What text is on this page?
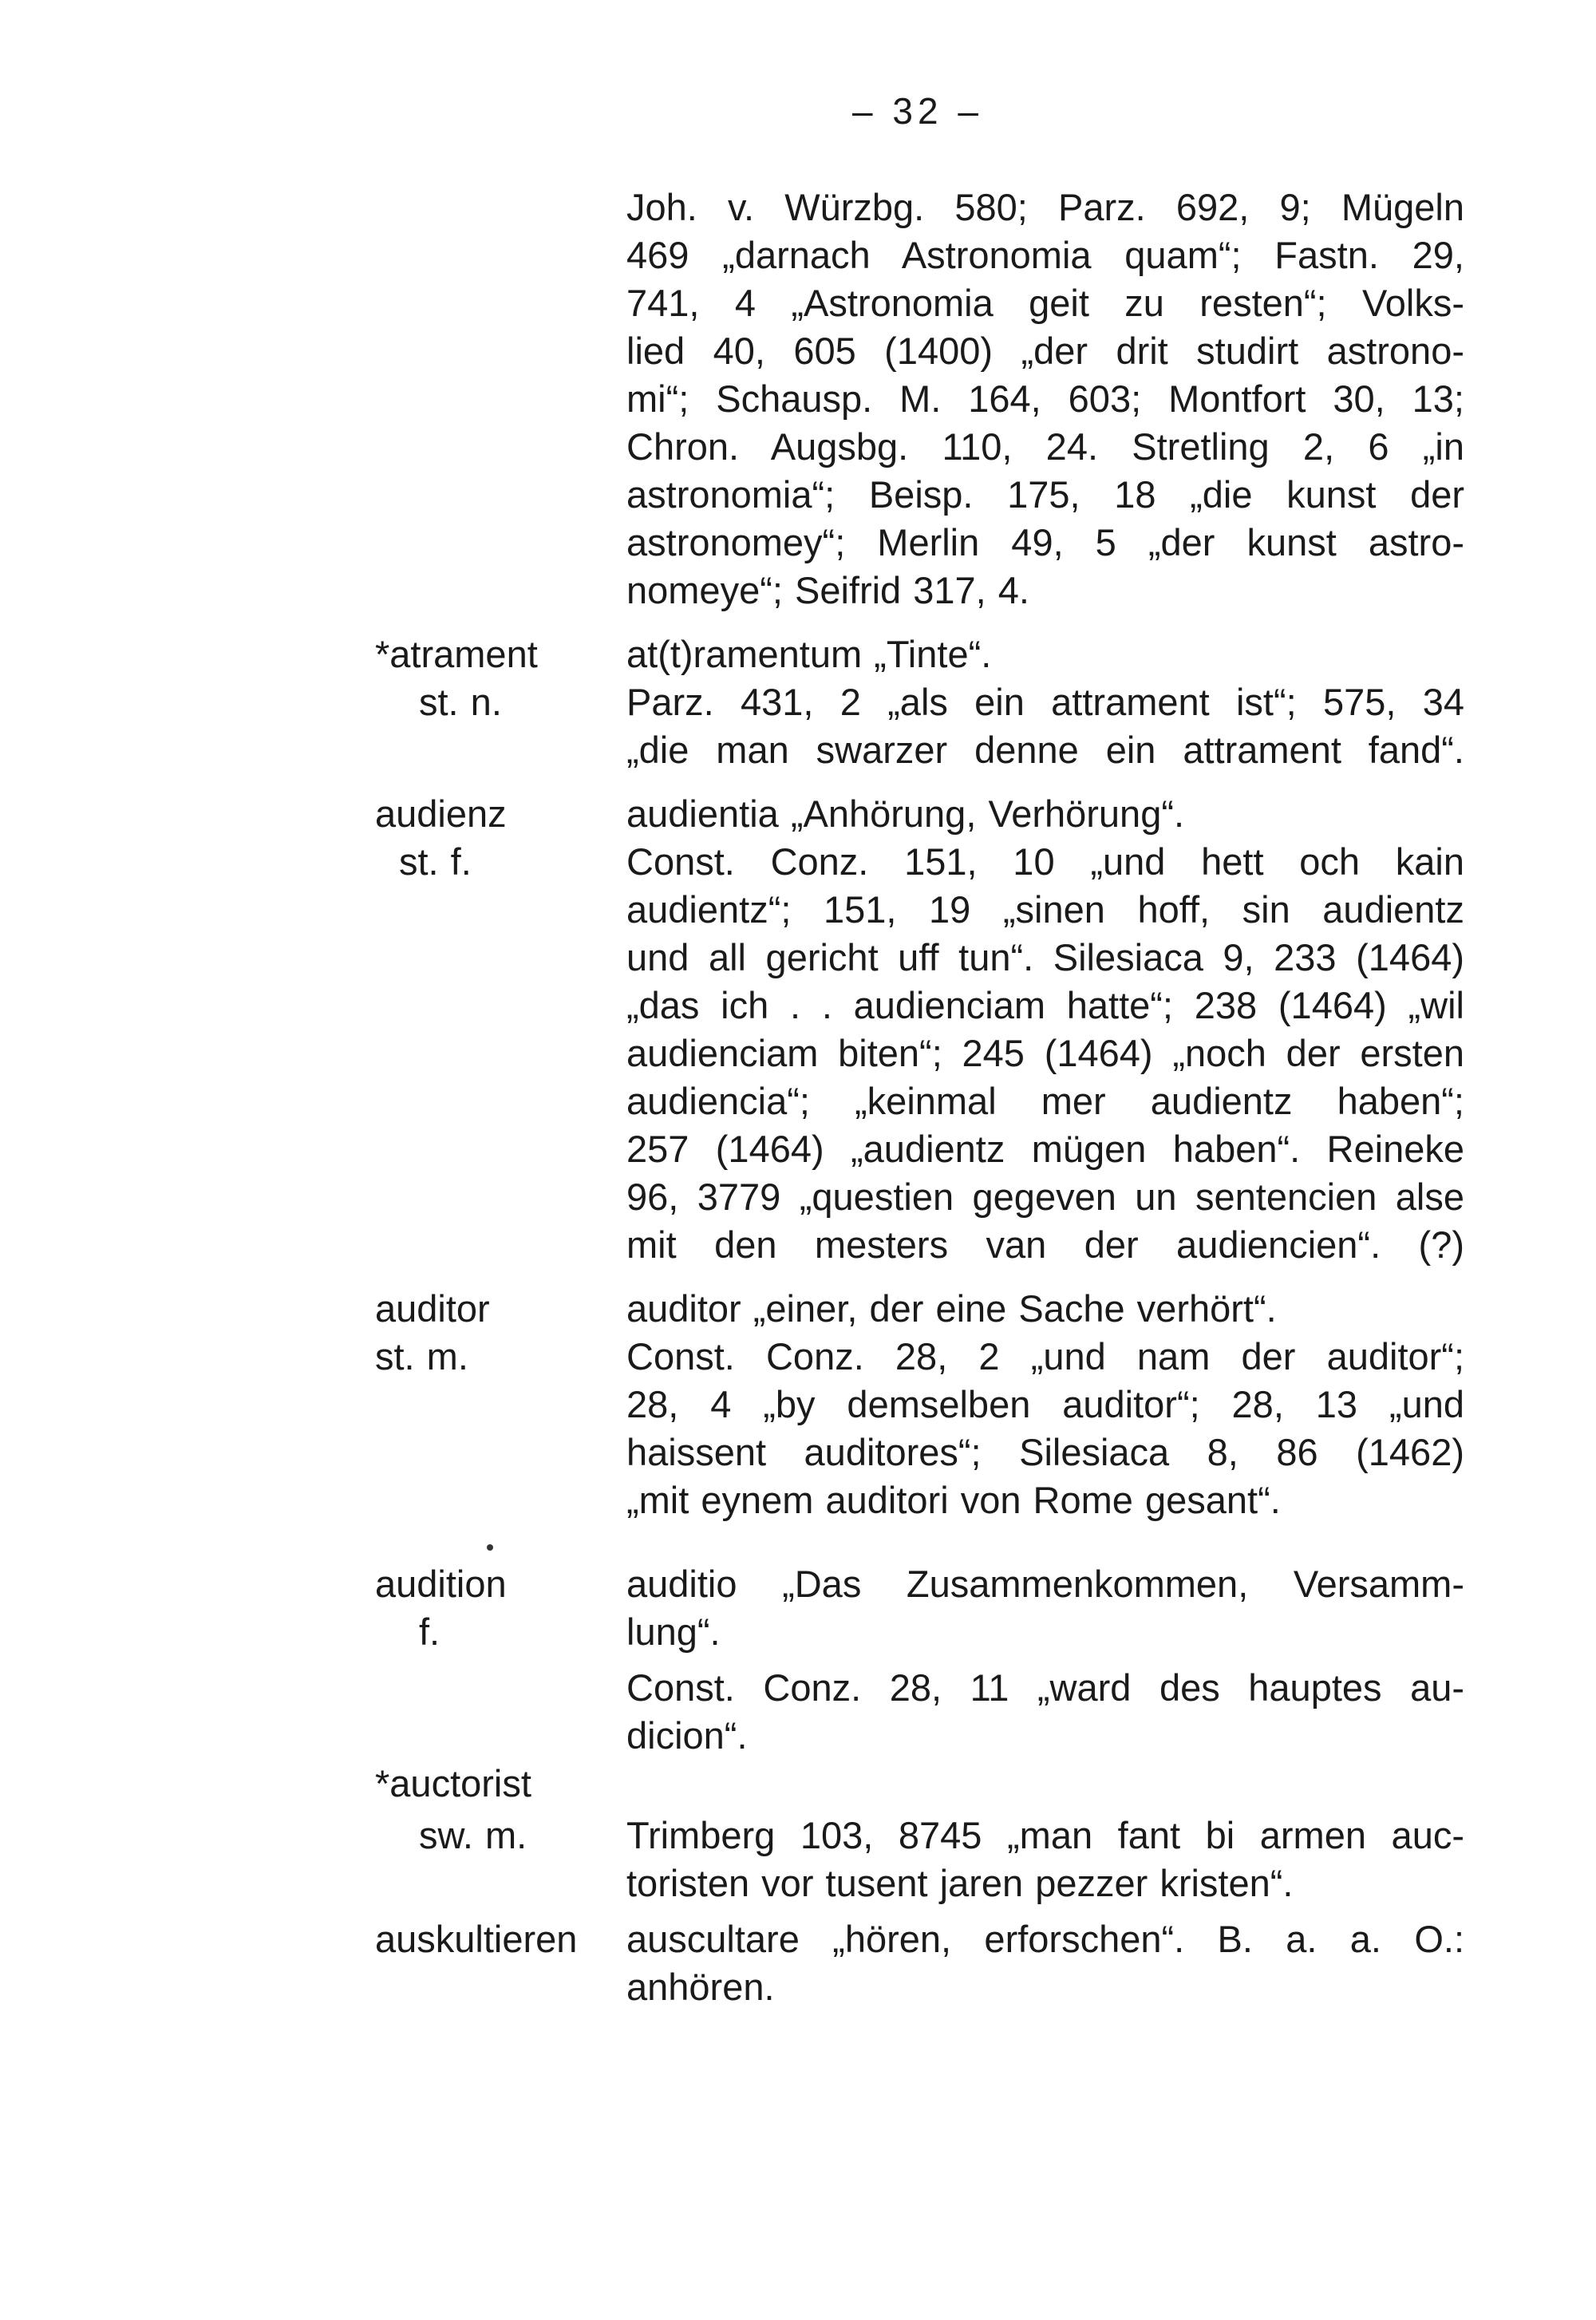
– 32 –
Joh. v. Würzbg. 580; Parz. 692, 9; Mügeln
469 „darnach Astronomia quam“; Fastn. 29,
741, 4 „Astronomia geit zu resten“; Volks-
lied 40, 605 (1400) „der drit studirt astrono-
mi“; Schausp. M. 164, 603; Montfort 30, 13;
Chron. Augsbg. 110, 24. Stretling 2, 6 „in
astronomia“; Beisp. 175, 18 „die kunst der
astronomey“; Merlin 49, 5 „der kunst astro-
nomeye“; Seifrid 317, 4.
*atrament
st. n.
at(t)ramentum „Tinte“.
Parz. 431, 2 „als ein attrament ist“; 575, 34
„die man swarzer denne ein attrament fand“.
audienz
st. f.
audientia „Anhörung, Verhörung“.
Const. Conz. 151, 10 „und hett och kain
audientz“; 151, 19 „sinen hoff, sin audientz
und all gericht uff tun“. Silesiaca 9, 233 (1464)
„das ich . . audienciam hatte“; 238 (1464) „wil
audienciam biten“; 245 (1464) „noch der ersten
audiencia“; „keinmal mer audientz haben“;
257 (1464) „audientz mügen haben“. Reineke
96, 3779 „questien gegeven un sentencien alse
mit den mesters van der audiencien“. (?)
auditor
st. m.
auditor „einer, der eine Sache verhört“.
Const. Conz. 28, 2 „und nam der auditor“;
28, 4 „by demselben auditor“; 28, 13 „und
haissent auditores“; Silesiaca 8, 86 (1462)
„mit eynem auditori von Rome gesant“.
audition
f.
auditio „Das Zusammenkommen, Versamm-
lung“.
Const. Conz. 28, 11 „ward des hauptes au-
dicion“.
*auctorist
sw. m.	Trimberg 103, 8745 „man fant bi armen auc-
toristen vor tusent jaren pezzer kristen“.
auskultieren auscultare „hören, erforschen“. B. a. a. O.:
anhören.
